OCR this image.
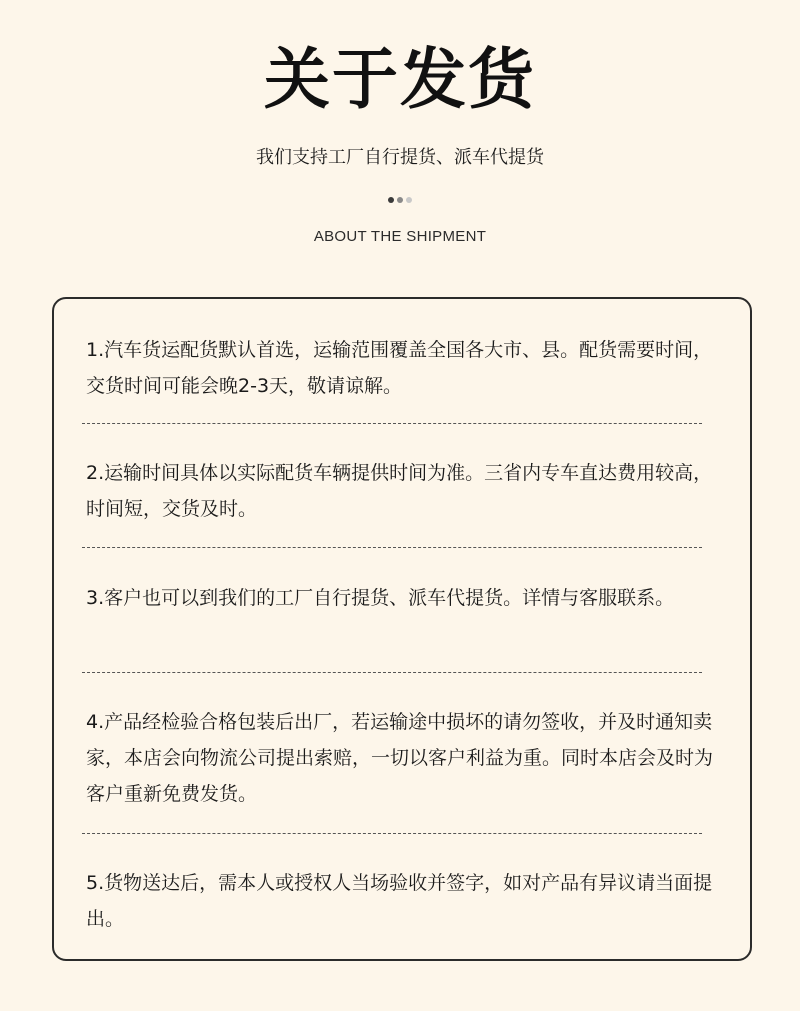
关于发货
我们支持工厂自行提货、派车代提货
ABOUT THE SHIPMENT

1.汽车货运配货默认首选，运输范围覆盖全国各大市、县。配货需要时间，交货时间可能会晚2-3天，敬请谅解。

2.运输时间具体以实际配货车辆提供时间为准。三省内专车直达费用较高，时间短，交货及时。

3.客户也可以到我们的工厂自行提货、派车代提货。详情与客服联系。

4.产品经检验合格包装后出厂，若运输途中损坏的请勿签收，并及时通知卖家，本店会向物流公司提出索赔，一切以客户利益为重。同时本店会及时为客户重新免费发货。

5.货物送达后，需本人或授权人当场验收并签字，如对产品有异议请当面提出。
